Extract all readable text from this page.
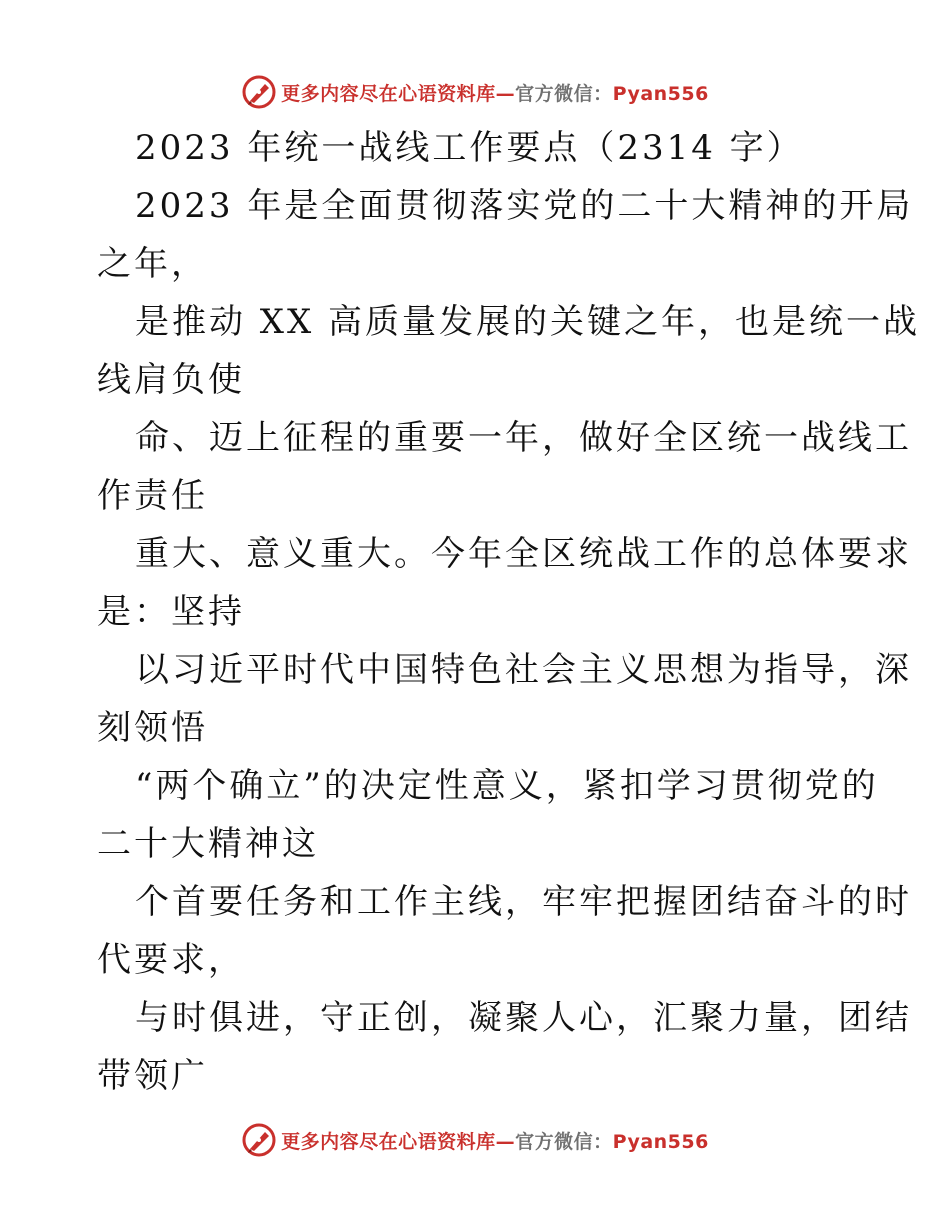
更多内容尽在心语资料库—官方微信：Pyan556
2023 年统一战线工作要点（2314 字）
2023 年是全面贯彻落实党的二十大精神的开局
之年，
是推动 XX 高质量发展的关键之年，也是统一战
线肩负使
命、迈上征程的重要一年，做好全区统一战线工
作责任
重大、意义重大。今年全区统战工作的总体要求
是：坚持
以习近平时代中国特色社会主义思想为指导，深
刻领悟
“两个确立”的决定性意义，紧扣学习贯彻党的
二十大精神这
个首要任务和工作主线，牢牢把握团结奋斗的时
代要求，
与时俱进，守正创，凝聚人心，汇聚力量，团结
带领广
更多内容尽在心语资料库—官方微信：Pyan556
